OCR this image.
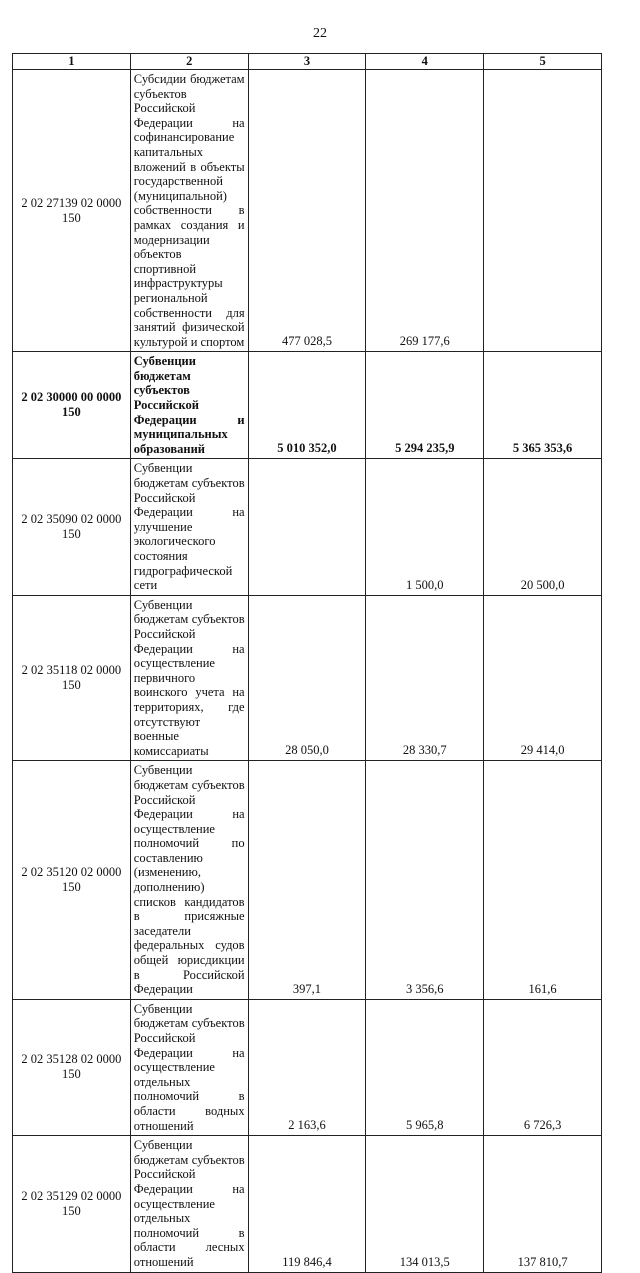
22
1	2	3	4	5
2 02 27139 02 0000 150	Субсидии бюджетам субъектов Российской Федерации на софинансирование капитальных вложений в объекты государственной (муниципальной) собственности в рамках создания и модернизации объектов спортивной инфраструктуры региональной собственности для занятий физической культурой и спортом	477 028,5	269 177,6	
2 02 30000 00 0000 150	Субвенции бюджетам субъектов Российской Федерации и муниципальных образований	5 010 352,0	5 294 235,9	5 365 353,6
2 02 35090 02 0000 150	Субвенции бюджетам субъектов Российской Федерации на улучшение экологического состояния гидрографической сети		1 500,0	20 500,0
2 02 35118 02 0000 150	Субвенции бюджетам субъектов Российской Федерации на осуществление первичного воинского учета на территориях, где отсутствуют военные комиссариаты	28 050,0	28 330,7	29 414,0
2 02 35120 02 0000 150	Субвенции бюджетам субъектов Российской Федерации на осуществление полномочий по составлению (изменению, дополнению) списков кандидатов в присяжные заседатели федеральных судов общей юрисдикции в Российской Федерации	397,1	3 356,6	161,6
2 02 35128 02 0000 150	Субвенции бюджетам субъектов Российской Федерации на осуществление отдельных полномочий в области водных отношений	2 163,6	5 965,8	6 726,3
2 02 35129 02 0000 150	Субвенции бюджетам субъектов Российской Федерации на осуществление отдельных полномочий в области лесных отношений	119 846,4	134 013,5	137 810,7
